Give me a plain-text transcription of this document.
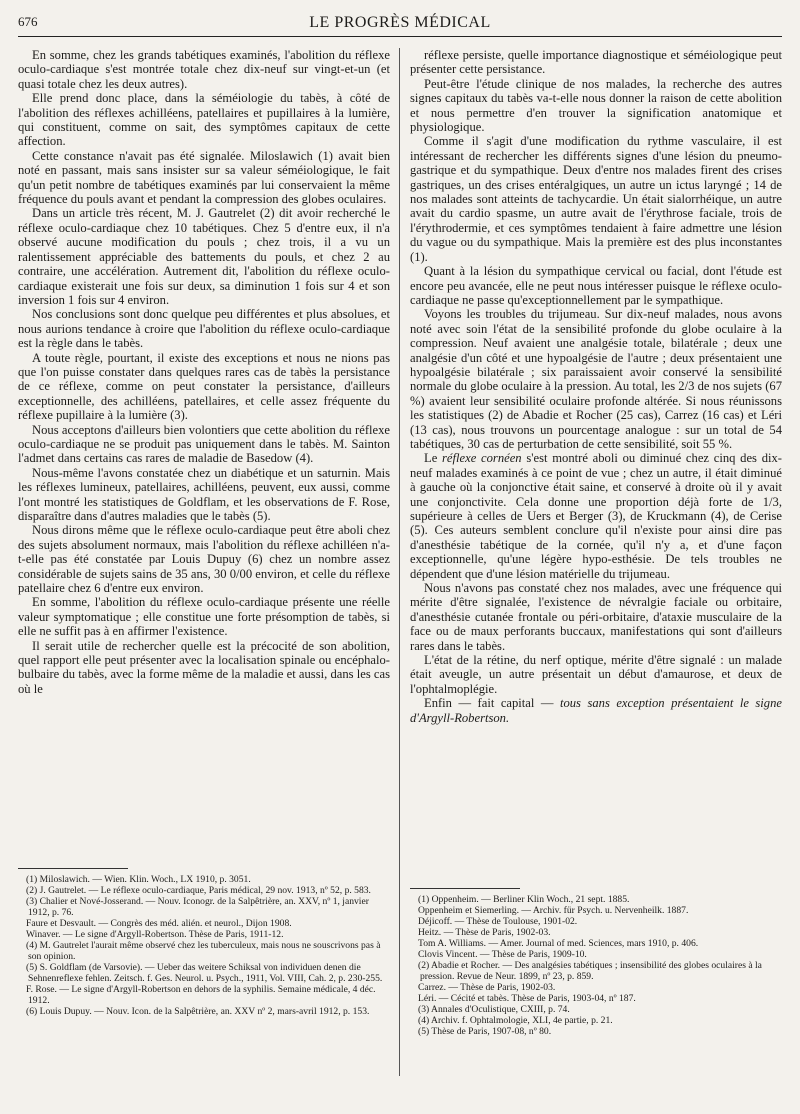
676	LE PROGRÈS MÉDICAL

En somme, chez les grands tabétiques examinés, l'abolition du réflexe oculo-cardiaque s'est montrée totale chez dix-neuf sur vingt-et-un (et quasi totale chez les deux autres).

Elle prend donc place, dans la séméiologie du tabès, à côté de l'abolition des réflexes achilléens, patellaires et pupillaires à la lumière, qui constituent, comme on sait, des symptômes capitaux de cette affection.

Cette constance n'avait pas été signalée. Miloslawich (1) avait bien noté en passant, mais sans insister sur sa valeur séméiologique, le fait qu'un petit nombre de tabétiques examinés par lui conservaient la même fréquence du pouls avant et pendant la compression des globes oculaires.

Dans un article très récent, M. J. Gautrelet (2) dit avoir recherché le réflexe oculo-cardiaque chez 10 tabétiques. Chez 5 d'entre eux, il n'a observé aucune modification du pouls ; chez trois, il a vu un ralentissement appréciable des battements du pouls, et chez 2 au contraire, une accélération. Autrement dit, l'abolition du réflexe oculo-cardiaque existerait une fois sur deux, sa diminution 1 fois sur 4 et son inversion 1 fois sur 4 environ.

Nos conclusions sont donc quelque peu différentes et plus absolues, et nous aurions tendance à croire que l'abolition du réflexe oculo-cardiaque est la règle dans le tabès.

A toute règle, pourtant, il existe des exceptions et nous ne nions pas que l'on puisse constater dans quelques rares cas de tabès la persistance de ce réflexe, comme on peut constater la persistance, d'ailleurs exceptionnelle, des achilléens, patellaires, et celle assez fréquente du réflexe pupillaire à la lumière (3).

Nous acceptons d'ailleurs bien volontiers que cette abolition du réflexe oculo-cardiaque ne se produit pas uniquement dans le tabès. M. Sainton l'admet dans certains cas rares de maladie de Basedow (4).

Nous-même l'avons constatée chez un diabétique et un saturnin. Mais les réflexes lumineux, patellaires, achilléens, peuvent, eux aussi, comme l'ont montré les statistiques de Goldflam, et les observations de F. Rose, disparaître dans d'autres maladies que le tabès (5).

Nous dirons même que le réflexe oculo-cardiaque peut être aboli chez des sujets absolument normaux, mais l'abolition du réflexe achilléen n'a-t-elle pas été constatée par Louis Dupuy (6) chez un nombre assez considérable de sujets sains de 35 ans, 30 0/00 environ, et celle du réflexe patellaire chez 6 d'entre eux environ.

En somme, l'abolition du réflexe oculo-cardiaque présente une réelle valeur symptomatique ; elle constitue une forte présomption de tabès, si elle ne suffit pas à en affirmer l'existence.

Il serait utile de rechercher quelle est la précocité de son abolition, quel rapport elle peut présenter avec la localisation spinale ou encéphalo-bulbaire du tabès, avec la forme même de la maladie et aussi, dans les cas où le

(1) Miloslawich. — Wien. Klin. Woch., LX 1910, p. 3051.
(2) J. Gautrelet. — Le réflexe oculo-cardiaque, Paris médical, 29 nov. 1913, nº 52, p. 583.
(3) Chalier et Nové-Josserand. — Nouv. Iconogr. de la Salpêtrière, an. XXV, nº 1, janvier 1912, p. 76.
Faure et Desvault. — Congrès des méd. alién. et neurol., Dijon 1908.
Winaver. — Le signe d'Argyll-Robertson. Thèse de Paris, 1911-12.
(4) M. Gautrelet l'aurait même observé chez les tuberculeux, mais nous ne souscrivons pas à son opinion.
(5) S. Goldflam (de Varsovie). — Ueber das weitere Schiksal von individuen denen die Sehnenreflexe fehlen. Zeitsch. f. Ges. Neurol. u. Psych., 1911, Vol. VIII, Cah. 2, p. 230-255.
F. Rose. — Le signe d'Argyll-Robertson en dehors de la syphilis. Semaine médicale, 4 déc. 1912.
(6) Louis Dupuy. — Nouv. Icon. de la Salpêtrière, an. XXV nº 2, mars-avril 1912, p. 153.

réflexe persiste, quelle importance diagnostique et séméiologique peut présenter cette persistance.

Peut-être l'étude clinique de nos malades, la recherche des autres signes capitaux du tabès va-t-elle nous donner la raison de cette abolition et nous permettre d'en trouver la signification anatomique et physiologique.

Comme il s'agit d'une modification du rythme vasculaire, il est intéressant de rechercher les différents signes d'une lésion du pneumo-gastrique et du sympathique. Deux d'entre nos malades firent des crises gastriques, un des crises entéralgiques, un autre un ictus laryngé ; 14 de nos malades sont atteints de tachycardie. Un était sialorrhéique, un autre avait du cardio spasme, un autre avait de l'érythrose faciale, trois de l'érythrodermie, et ces symptômes tendaient à faire admettre une lésion du vague ou du sympathique. Mais la première est des plus inconstantes (1).

Quant à la lésion du sympathique cervical ou facial, dont l'étude est encore peu avancée, elle ne peut nous intéresser puisque le réflexe oculo-cardiaque ne passe qu'exceptionnellement par le sympathique.

Voyons les troubles du trijumeau. Sur dix-neuf malades, nous avons noté avec soin l'état de la sensibilité profonde du globe oculaire à la compression. Neuf avaient une analgésie totale, bilatérale ; deux une analgésie d'un côté et une hypoalgésie de l'autre ; deux présentaient une hypoalgésie bilatérale ; six paraissaient avoir conservé la sensibilité normale du globe oculaire à la pression. Au total, les 2/3 de nos sujets (67 %) avaient leur sensibilité oculaire profonde altérée. Si nous réunissons les statistiques (2) de Abadie et Rocher (25 cas), Carrez (16 cas) et Léri (13 cas), nous trouvons un pourcentage analogue : sur un total de 54 tabétiques, 30 cas de perturbation de cette sensibilité, soit 55 %.

Le réflexe cornéen s'est montré aboli ou diminué chez cinq des dix-neuf malades examinés à ce point de vue ; chez un autre, il était diminué à gauche où la conjonctive était saine, et conservé à droite où il y avait une conjonctivite. Cela donne une proportion déjà forte de 1/3, supérieure à celles de Uers et Berger (3), de Kruckmann (4), de Cerise (5). Ces auteurs semblent conclure qu'il n'existe pour ainsi dire pas d'anesthésie tabétique de la cornée, qu'il n'y a, et d'une façon exceptionnelle, qu'une légère hypo-esthésie. De tels troubles ne dépendent que d'une lésion matérielle du trijumeau.

Nous n'avons pas constaté chez nos malades, avec une fréquence qui mérite d'être signalée, l'existence de névralgie faciale ou orbitaire, d'anesthésie cutanée frontale ou péri-orbitaire, d'ataxie musculaire de la face ou de maux perforants buccaux, manifestations qui sont d'ailleurs rares dans le tabès.

L'état de la rétine, du nerf optique, mérite d'être signalé : un malade était aveugle, un autre présentait un début d'amaurose, et deux de l'ophtalmoplégie.

Enfin — fait capital — tous sans exception présentaient le signe d'Argyll-Robertson.

(1) Oppenheim. — Berliner Klin Woch., 21 sept. 1885.
Oppenheim et Siemerling. — Archiv. für Psych. u. Nervenheilk. 1887.
Déjicoff. — Thèse de Toulouse, 1901-02.
Heitz. — Thèse de Paris, 1902-03.
Tom A. Williams. — Amer. Journal of med. Sciences, mars 1910, p. 406.
Clovis Vincent. — Thèse de Paris, 1909-10.
(2) Abadie et Rocher. — Des analgésies tabétiques ; insensibilité des globes oculaires à la pression. Revue de Neur. 1899, nº 23, p. 859.
Carrez. — Thèse de Paris, 1902-03.
Léri. — Cécité et tabès. Thèse de Paris, 1903-04, nº 187.
(3) Annales d'Oculistique, CXIII, p. 74.
(4) Archiv. f. Ophtalmologie, XLI, 4e partie, p. 21.
(5) Thèse de Paris, 1907-08, nº 80.
